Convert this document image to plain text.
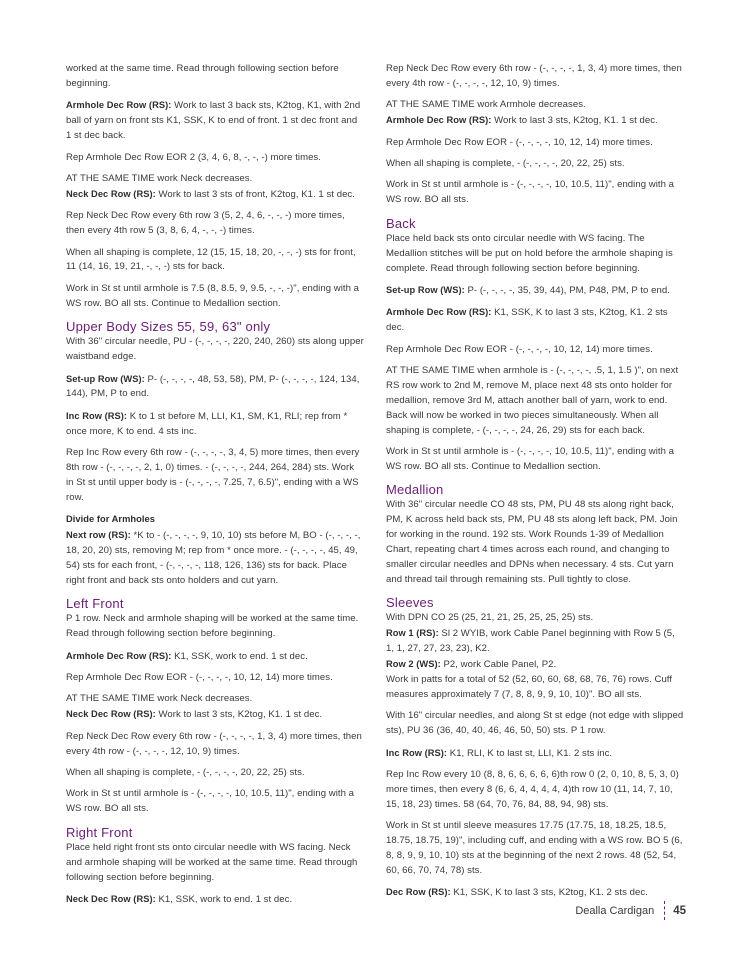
worked at the same time. Read through following section before beginning.

Armhole Dec Row (RS): Work to last 3 back sts, K2tog, K1, with 2nd ball of yarn on front sts K1, SSK, K to end of front. 1 st dec front and 1 st dec back.

Rep Armhole Dec Row EOR 2 (3, 4, 6, 8, -, -, -) more times.

AT THE SAME TIME work Neck decreases.

Neck Dec Row (RS): Work to last 3 sts of front, K2tog, K1. 1 st dec.

Rep Neck Dec Row every 6th row 3 (5, 2, 4, 6, -, -, -) more times, then every 4th row 5 (3, 8, 6, 4, -, -, -) times.

When all shaping is complete, 12 (15, 15, 18, 20, -, -, -) sts for front, 11 (14, 16, 19, 21, -, -, -) sts for back.

Work in St st until armhole is 7.5 (8, 8.5, 9, 9.5, -, -, -)", ending with a WS row. BO all sts. Continue to Medallion section.

Upper Body Sizes 55, 59, 63" only

With 36" circular needle, PU - (-, -, -, -, 220, 240, 260) sts along upper waistband edge.

Set-up Row (WS): P- (-, -, -, -, 48, 53, 58), PM, P- (-, -, -, -, 124, 134, 144), PM, P to end.

Inc Row (RS): K to 1 st before M, LLI, K1, SM, K1, RLI; rep from * once more, K to end. 4 sts inc.

Rep Inc Row every 6th row - (-, -, -, -, 3, 4, 5) more times, then every 8th row - (-, -, -, -, 2, 1, 0) times. - (-, -, -, -, 244, 264, 284) sts. Work in St st until upper body is - (-, -, -, -, 7.25, 7, 6.5)", ending with a WS row.

Divide for Armholes

Next row (RS): *K to - (-, -, -, -, 9, 10, 10) sts before M, BO - (-, -, -, -, 18, 20, 20) sts, removing M; rep from * once more. - (-, -, -, -, 45, 49, 54) sts for each front, - (-, -, -, -, 118, 126, 136) sts for back. Place right front and back sts onto holders and cut yarn.

Left Front

P 1 row. Neck and armhole shaping will be worked at the same time. Read through following section before beginning.

Armhole Dec Row (RS): K1, SSK, work to end. 1 st dec.

Rep Armhole Dec Row EOR - (-, -, -, -, 10, 12, 14) more times.

AT THE SAME TIME work Neck decreases.

Neck Dec Row (RS): Work to last 3 sts, K2tog, K1. 1 st dec.

Rep Neck Dec Row every 6th row - (-, -, -, -, 1, 3, 4) more times, then every 4th row - (-, -, -, -, 12, 10, 9) times.

When all shaping is complete, - (-, -, -, -, 20, 22, 25) sts.

Work in St st until armhole is - (-, -, -, -, 10, 10.5, 11)", ending with a WS row. BO all sts.

Right Front

Place held right front sts onto circular needle with WS facing. Neck and armhole shaping will be worked at the same time. Read through following section before beginning.

Neck Dec Row (RS): K1, SSK, work to end. 1 st dec.

Rep Neck Dec Row every 6th row - (-, -, -, -, 1, 3, 4) more times, then every 4th row - (-, -, -, -, 12, 10, 9) times.

AT THE SAME TIME work Armhole decreases.

Armhole Dec Row (RS): Work to last 3 sts, K2tog, K1. 1 st dec.

Rep Armhole Dec Row EOR - (-, -, -, -, 10, 12, 14) more times.

When all shaping is complete, - (-, -, -, -, 20, 22, 25) sts.

Work in St st until armhole is - (-, -, -, -, 10, 10.5, 11)", ending with a WS row. BO all sts.

Back

Place held back sts onto circular needle with WS facing. The Medallion stitches will be put on hold before the armhole shaping is complete. Read through following section before beginning.

Set-up Row (WS): P- (-, -, -, -, 35, 39, 44), PM, P48, PM, P to end.

Armhole Dec Row (RS): K1, SSK, K to last 3 sts, K2tog, K1. 2 sts dec.

Rep Armhole Dec Row EOR - (-, -, -, -, 10, 12, 14) more times.

AT THE SAME TIME when armhole is - (-, -, -, -, .5, 1, 1.5 )", on next RS row work to 2nd M, remove M, place next 48 sts onto holder for medallion, remove 3rd M, attach another ball of yarn, work to end. Back will now be worked in two pieces simultaneously. When all shaping is complete, - (-, -, -, -, 24, 26, 29) sts for each back.

Work in St st until armhole is - (-, -, -, -, 10, 10.5, 11)", ending with a WS row. BO all sts. Continue to Medallion section.

Medallion

With 36" circular needle CO 48 sts, PM, PU 48 sts along right back, PM, K across held back sts, PM, PU 48 sts along left back, PM. Join for working in the round. 192 sts. Work Rounds 1-39 of Medallion Chart, repeating chart 4 times across each round, and changing to smaller circular needles and DPNs when necessary. 4 sts. Cut yarn and thread tail through remaining sts. Pull tightly to close.

Sleeves

With DPN CO 25 (25, 21, 21, 25, 25, 25, 25) sts.

Row 1 (RS): Sl 2 WYIB, work Cable Panel beginning with Row 5 (5, 1, 1, 27, 27, 23, 23), K2.

Row 2 (WS): P2, work Cable Panel, P2.

Work in patts for a total of 52 (52, 60, 60, 68, 68, 76, 76) rows. Cuff measures approximately 7 (7, 8, 8, 9, 9, 10, 10)". BO all sts.

With 16" circular needles, and along St st edge (not edge with slipped sts), PU 36 (36, 40, 40, 46, 46, 50, 50) sts. P 1 row.

Inc Row (RS): K1, RLI, K to last st, LLI, K1. 2 sts inc.

Rep Inc Row every 10 (8, 8, 6, 6, 6, 6, 6)th row 0 (2, 0, 10, 8, 5, 3, 0) more times, then every 8 (6, 6, 4, 4, 4, 4, 4)th row 10 (11, 14, 7, 10, 15, 18, 23) times. 58 (64, 70, 76, 84, 88, 94, 98) sts.

Work in St st until sleeve measures 17.75 (17.75, 18, 18.25, 18.5, 18.75, 18.75, 19)", including cuff, and ending with a WS row. BO 5 (6, 8, 8, 9, 9, 10, 10) sts at the beginning of the next 2 rows. 48 (52, 54, 60, 66, 70, 74, 78) sts.

Dec Row (RS): K1, SSK, K to last 3 sts, K2tog, K1. 2 sts dec.

Dealla Cardigan 45
